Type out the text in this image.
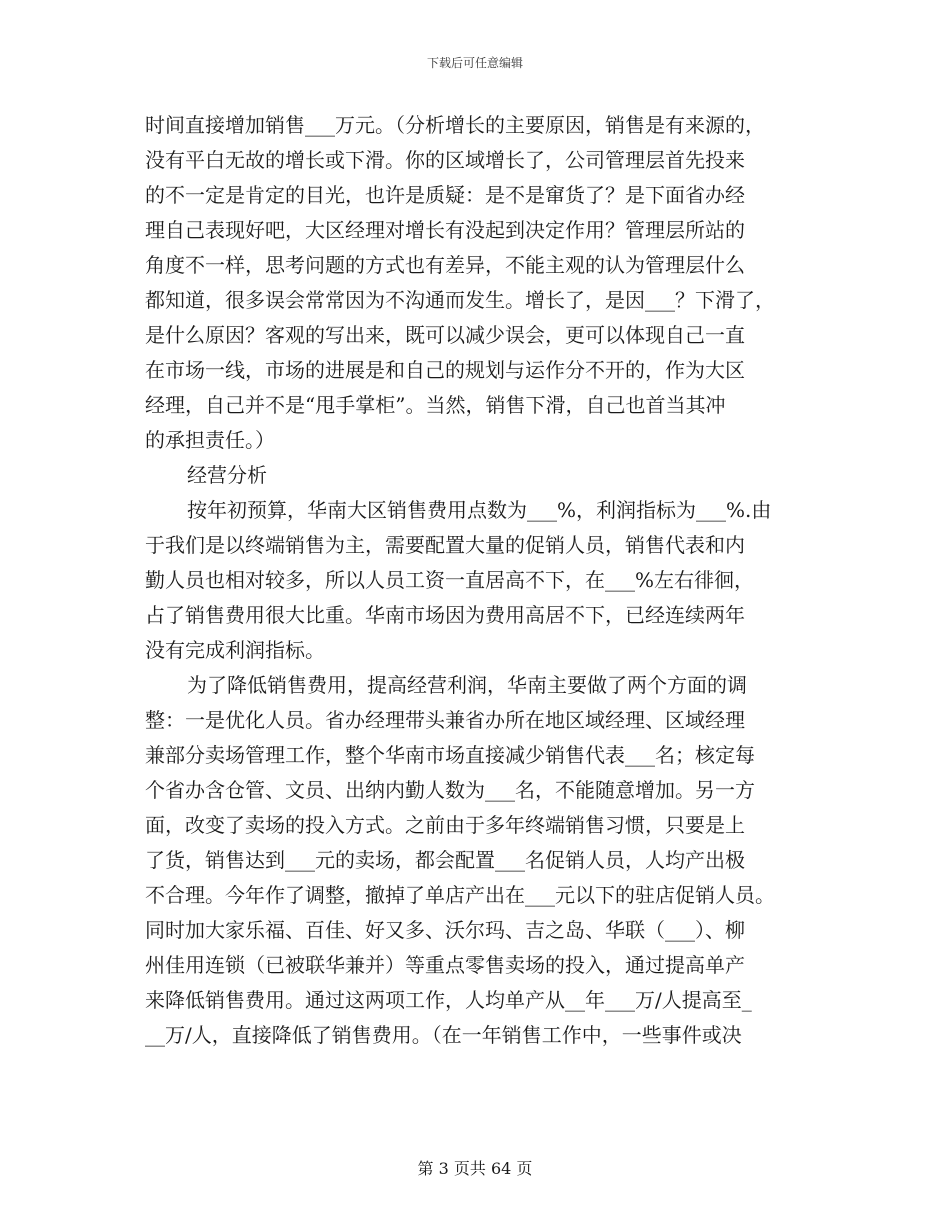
下载后可任意编辑
时间直接增加销售___万元。（分析增长的主要原因，销售是有来源的，
没有平白无故的增长或下滑。你的区域增长了，公司管理层首先投来
的不一定是肯定的目光，也许是质疑：是不是窜货了？是下面省办经
理自己表现好吧，大区经理对增长有没起到决定作用？管理层所站的
角度不一样，思考问题的方式也有差异，不能主观的认为管理层什么
都知道，很多误会常常因为不沟通而发生。增长了，是因___？下滑了，
是什么原因？客观的写出来，既可以减少误会，更可以体现自己一直
在市场一线，市场的进展是和自己的规划与运作分不开的，作为大区
经理，自己并不是“甩手掌柜”。当然，销售下滑，自己也首当其冲
的承担责任。）
经营分析
按年初预算，华南大区销售费用点数为___%，利润指标为___%.由
于我们是以终端销售为主，需要配置大量的促销人员，销售代表和内
勤人员也相对较多，所以人员工资一直居高不下，在___%左右徘徊，
占了销售费用很大比重。华南市场因为费用高居不下，已经连续两年
没有完成利润指标。
为了降低销售费用，提高经营利润，华南主要做了两个方面的调
整：一是优化人员。省办经理带头兼省办所在地区域经理、区域经理
兼部分卖场管理工作，整个华南市场直接减少销售代表___名；核定每
个省办含仓管、文员、出纳内勤人数为___名，不能随意增加。另一方
面，改变了卖场的投入方式。之前由于多年终端销售习惯，只要是上
了货，销售达到___元的卖场，都会配置___名促销人员，人均产出极
不合理。今年作了调整，撤掉了单店产出在___元以下的驻店促销人员。
同时加大家乐福、百佳、好又多、沃尔玛、吉之岛、华联（___）、柳
州佳用连锁（已被联华兼并）等重点零售卖场的投入，通过提高单产
来降低销售费用。通过这两项工作，人均单产从__年___万/人提高至_
__万/人，直接降低了销售费用。（在一年销售工作中，一些事件或决
第 3 页共 64 页
